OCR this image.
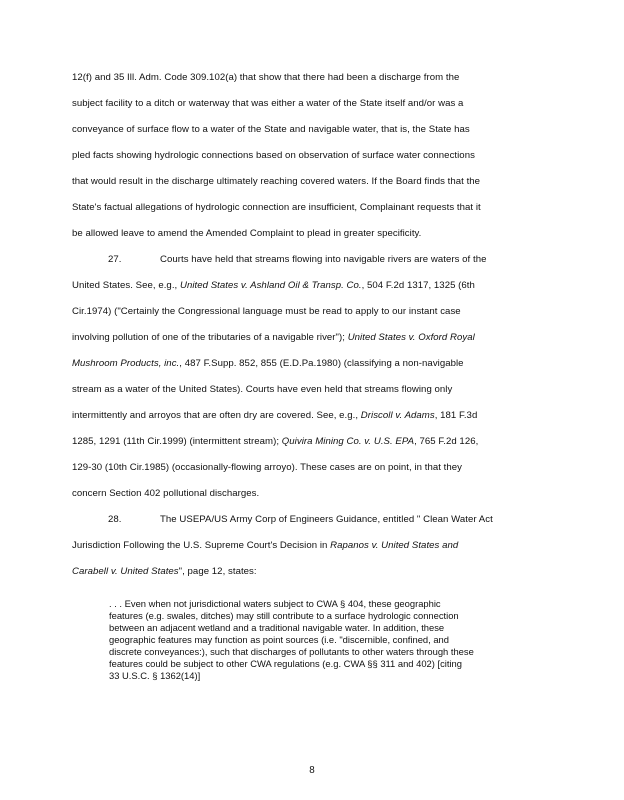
12(f) and 35 Ill. Adm. Code 309.102(a) that show that there had been a discharge from the
subject facility to a ditch or waterway that was either a water of the State itself and/or was a
conveyance of surface flow to a water of the State and navigable water, that is, the State has
pled facts showing hydrologic connections based on observation of surface water connections
that would result in the discharge ultimately reaching covered waters. If the Board finds that the
State's factual allegations of hydrologic connection are insufficient, Complainant requests that it
be allowed leave to amend the Amended Complaint to plead in greater specificity.
27.	Courts have held that streams flowing into navigable rivers are waters of the
United States. See, e.g., United States v. Ashland Oil & Transp. Co., 504 F.2d 1317, 1325 (6th
Cir.1974) ("Certainly the Congressional language must be read to apply to our instant case
involving pollution of one of the tributaries of a navigable river"); United States v. Oxford Royal
Mushroom Products, inc., 487 F.Supp. 852, 855 (E.D.Pa.1980) (classifying a non-navigable
stream as a water of the United States). Courts have even held that streams flowing only
intermittently and arroyos that are often dry are covered. See, e.g., Driscoll v. Adams, 181 F.3d
1285, 1291 (11th Cir.1999) (intermittent stream); Quivira Mining Co. v. U.S. EPA, 765 F.2d 126,
129-30 (10th Cir.1985) (occasionally-flowing arroyo). These cases are on point, in that they
concern Section 402 pollutional discharges.
28.	The USEPA/US Army Corp of Engineers Guidance, entitled " Clean Water Act
Jurisdiction Following the U.S. Supreme Court's Decision in Rapanos v. United States and
Carabell v. United States", page 12, states:
. . . Even when not jurisdictional waters subject to CWA § 404, these geographic
features (e.g. swales, ditches) may still contribute to a surface hydrologic connection
between an adjacent wetland and a traditional navigable water. In addition, these
geographic features may function as point sources (i.e. "discernible, confined, and
discrete conveyances:), such that discharges of pollutants to other waters through these
features could be subject to other CWA regulations (e.g. CWA §§ 311 and 402) [citing
33 U.S.C. § 1362(14)]
8
